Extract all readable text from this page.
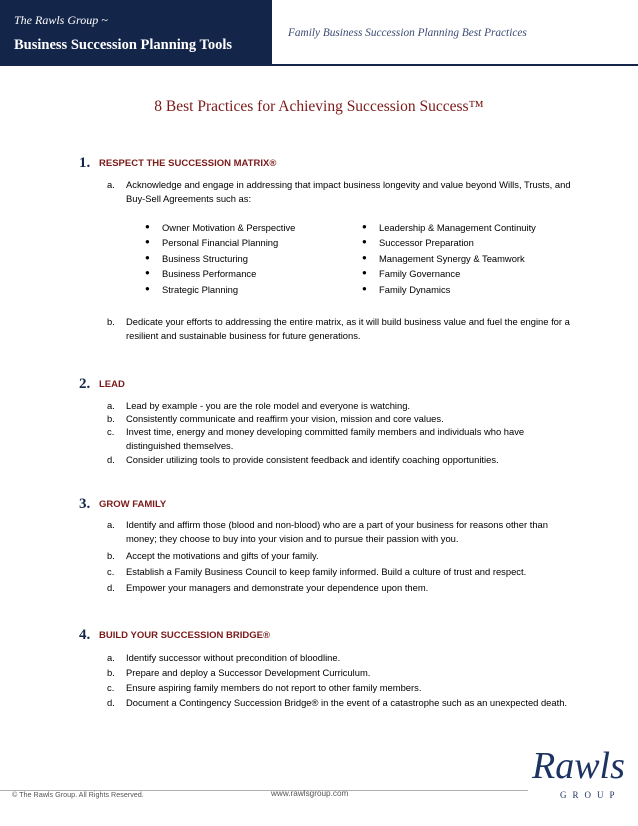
The Rawls Group ~
Business Succession Planning Tools
Family Business Succession Planning Best Practices
8 Best Practices for Achieving Succession Success™
1. RESPECT THE SUCCESSION MATRIX®
a. Acknowledge and engage in addressing that impact business longevity and value beyond Wills, Trusts, and Buy-Sell Agreements such as:
● Owner Motivation & Perspective
● Personal Financial Planning
● Business Structuring
● Business Performance
● Strategic Planning
● Leadership & Management Continuity
● Successor Preparation
● Management Synergy & Teamwork
● Family Governance
● Family Dynamics
b. Dedicate your efforts to addressing the entire matrix, as it will build business value and fuel the engine for a resilient and sustainable business for future generations.
2. LEAD
a. Lead by example - you are the role model and everyone is watching.
b. Consistently communicate and reaffirm your vision, mission and core values.
c. Invest time, energy and money developing committed family members and individuals who have distinguished themselves.
d. Consider utilizing tools to provide consistent feedback and identify coaching opportunities.
3. GROW FAMILY
a. Identify and affirm those (blood and non-blood) who are a part of your business for reasons other than money; they choose to buy into your vision and to pursue their passion with you.
b. Accept the motivations and gifts of your family.
c. Establish a Family Business Council to keep family informed. Build a culture of trust and respect.
d. Empower your managers and demonstrate your dependence upon them.
4. BUILD YOUR SUCCESSION BRIDGE®
a. Identify successor without precondition of bloodline.
b. Prepare and deploy a Successor Development Curriculum.
c. Ensure aspiring family members do not report to other family members.
d. Document a Contingency Succession Bridge® in the event of a catastrophe such as an unexpected death.
© The Rawls Group. All Rights Reserved.	www.rawlsgroup.com
Rawls
GROUP
